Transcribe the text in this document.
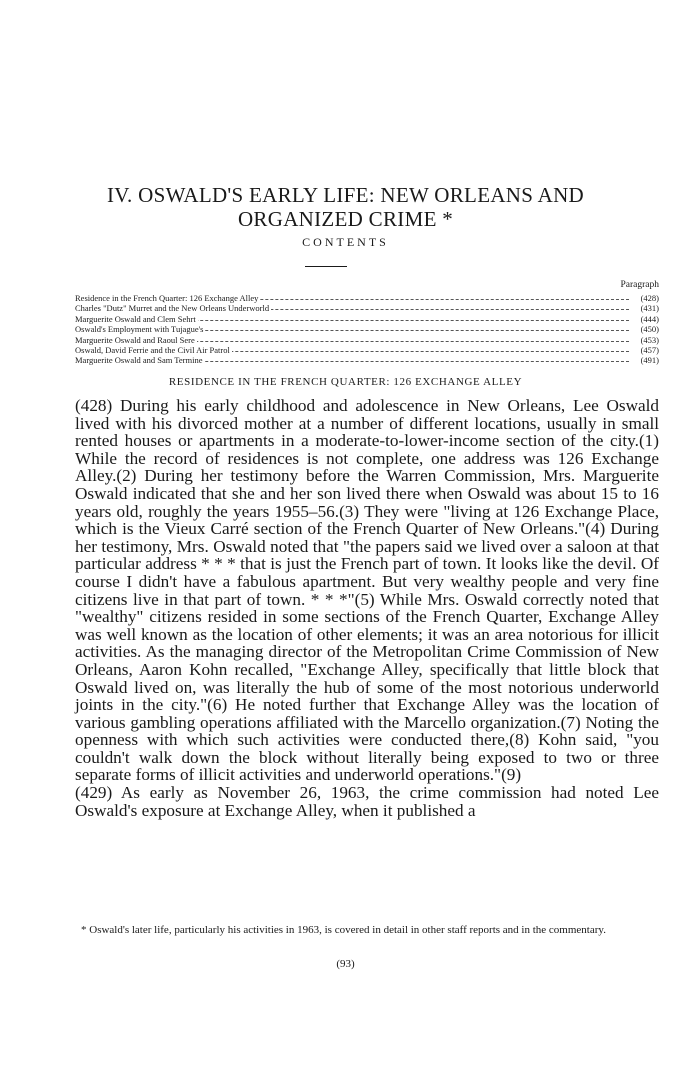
IV. OSWALD'S EARLY LIFE: NEW ORLEANS AND
ORGANIZED CRIME *
CONTENTS
Paragraph
Residence in the French Quarter: 126 Exchange Alley	(428)
Charles "Dutz" Murret and the New Orleans Underworld	(431)
Marguerite Oswald and Clem Sehrt	(444)
Oswald's Employment with Tujague's	(450)
Marguerite Oswald and Raoul Sere	(453)
Oswald, David Ferrie and the Civil Air Patrol	(457)
Marguerite Oswald and Sam Termine	(491)
RESIDENCE IN THE FRENCH QUARTER: 126 EXCHANGE ALLEY

(428) During his early childhood and adolescence in New Orleans, Lee Oswald lived with his divorced mother at a number of different locations, usually in small rented houses or apartments in a moderate-to-lower-income section of the city.(1) While the record of residences is not complete, one address was 126 Exchange Alley.(2) During her testimony before the Warren Commission, Mrs. Marguerite Oswald indicated that she and her son lived there when Oswald was about 15 to 16 years old, roughly the years 1955–56.(3) They were "living at 126 Exchange Place, which is the Vieux Carré section of the French Quarter of New Orleans."(4) During her testimony, Mrs. Oswald noted that "the papers said we lived over a saloon at that particular address * * * that is just the French part of town. It looks like the devil. Of course I didn't have a fabulous apartment. But very wealthy people and very fine citizens live in that part of town. * * *"(5) While Mrs. Oswald correctly noted that "wealthy" citizens resided in some sections of the French Quarter, Exchange Alley was well known as the location of other elements; it was an area notorious for illicit activities. As the managing director of the Metropolitan Crime Commission of New Orleans, Aaron Kohn recalled, "Exchange Alley, specifically that little block that Oswald lived on, was literally the hub of some of the most notorious underworld joints in the city."(6) He noted further that Exchange Alley was the location of various gambling operations affiliated with the Marcello organization.(7) Noting the openness with which such activities were conducted there,(8) Kohn said, "you couldn't walk down the block without literally being exposed to two or three separate forms of illicit activities and underworld operations."(9)

(429) As early as November 26, 1963, the crime commission had noted Lee Oswald's exposure at Exchange Alley, when it published a

* Oswald's later life, particularly his activities in 1963, is covered in detail in other staff reports and in the commentary.

(93)
